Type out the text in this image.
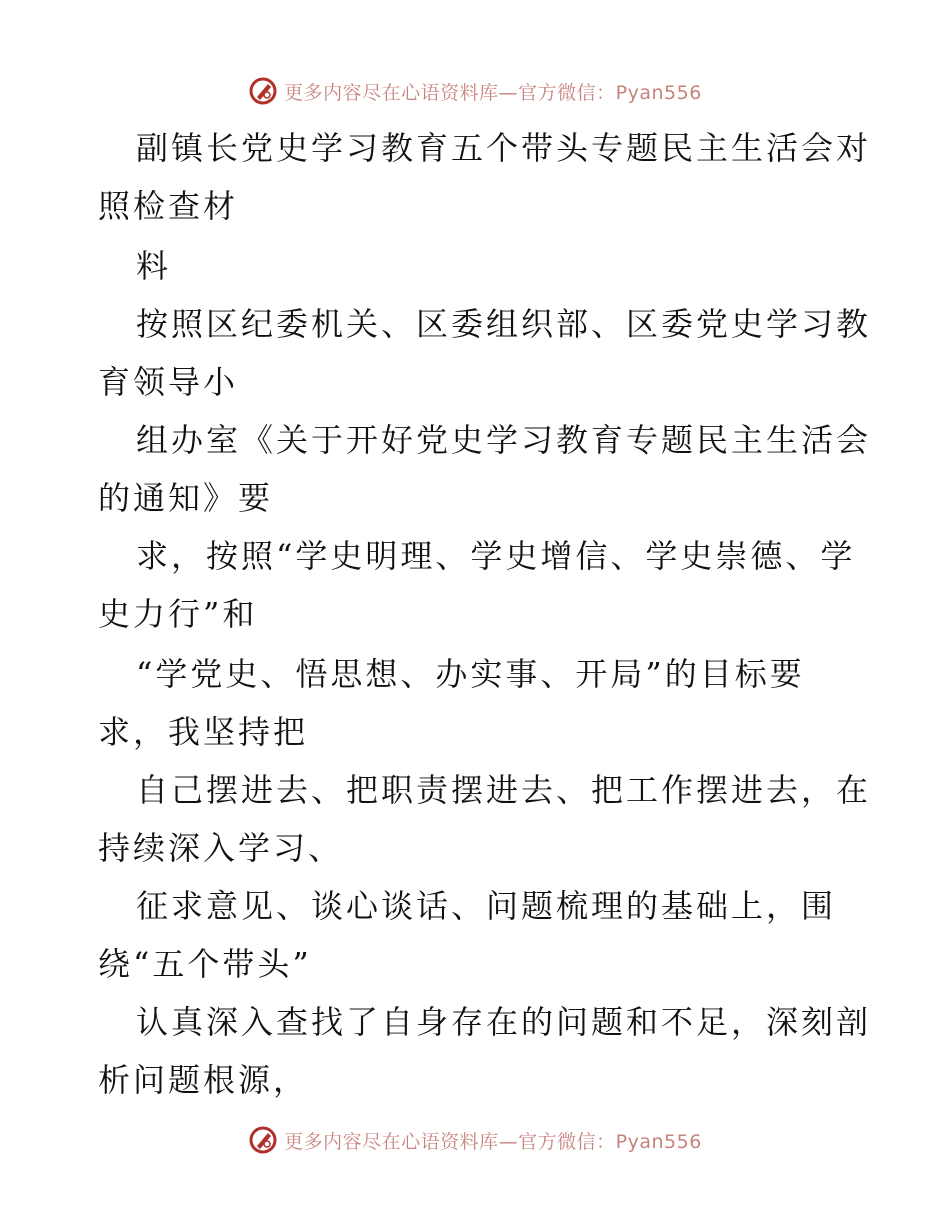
更多内容尽在心语资料库—官方微信：Pyan556
副镇长党史学习教育五个带头专题民主生活会对
照检查材
料
按照区纪委机关、区委组织部、区委党史学习教
育领导小
组办室《关于开好党史学习教育专题民主生活会
的通知》要
求，按照“学史明理、学史增信、学史崇德、学
史力行”和
“学党史、悟思想、办实事、开局”的目标要
求，我坚持把
自己摆进去、把职责摆进去、把工作摆进去，在
持续深入学习、
征求意见、谈心谈话、问题梳理的基础上，围
绕“五个带头”
认真深入查找了自身存在的问题和不足，深刻剖
析问题根源，
更多内容尽在心语资料库—官方微信：Pyan556
